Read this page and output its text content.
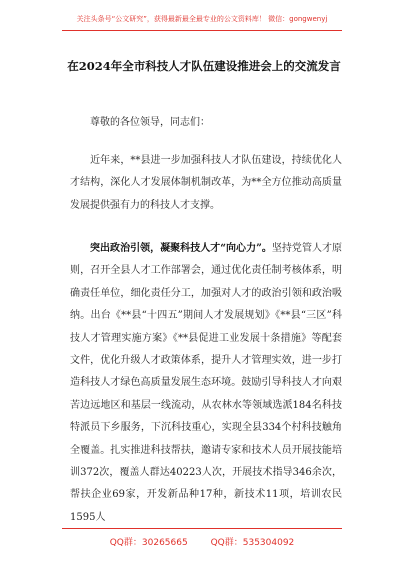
关注头条号“公文研究”，获得最新最全最专业的公文资料库！ 微信：gongwenyj
在2024年全市科技人才队伍建设推进会上的交流发言
尊敬的各位领导，同志们：
近年来，**县进一步加强科技人才队伍建设，持续优化人才结构，深化人才发展体制机制改革，为**全方位推动高质量发展提供强有力的科技人才支撑。
突出政治引领，凝聚科技人才“向心力”。坚持党管人才原则，召开全县人才工作部署会，通过优化责任制考核体系，明确责任单位，细化责任分工，加强对人才的政治引领和政治吸纳。出台《**县“十四五”期间人才发展规划》《**县“三区”科技人才管理实施方案》《**县促进工业发展十条措施》等配套文件，优化升级人才政策体系，提升人才管理实效，进一步打造科技人才绿色高质量发展生态环境。鼓励引导科技人才向艰苦边远地区和基层一线流动，从农林水等领域选派184名科技特派员下乡服务，下沉科技重心，实现全县334个村科技触角全覆盖。扎实推进科技帮扶，邀请专家和技术人员开展技能培训372次，覆盖人群达40223人次，开展技术指导346余次，帮扶企业69家，开发新品种17种，新技术11项，培训农民1595人
QQ群：30265665	QQ群：535304092
